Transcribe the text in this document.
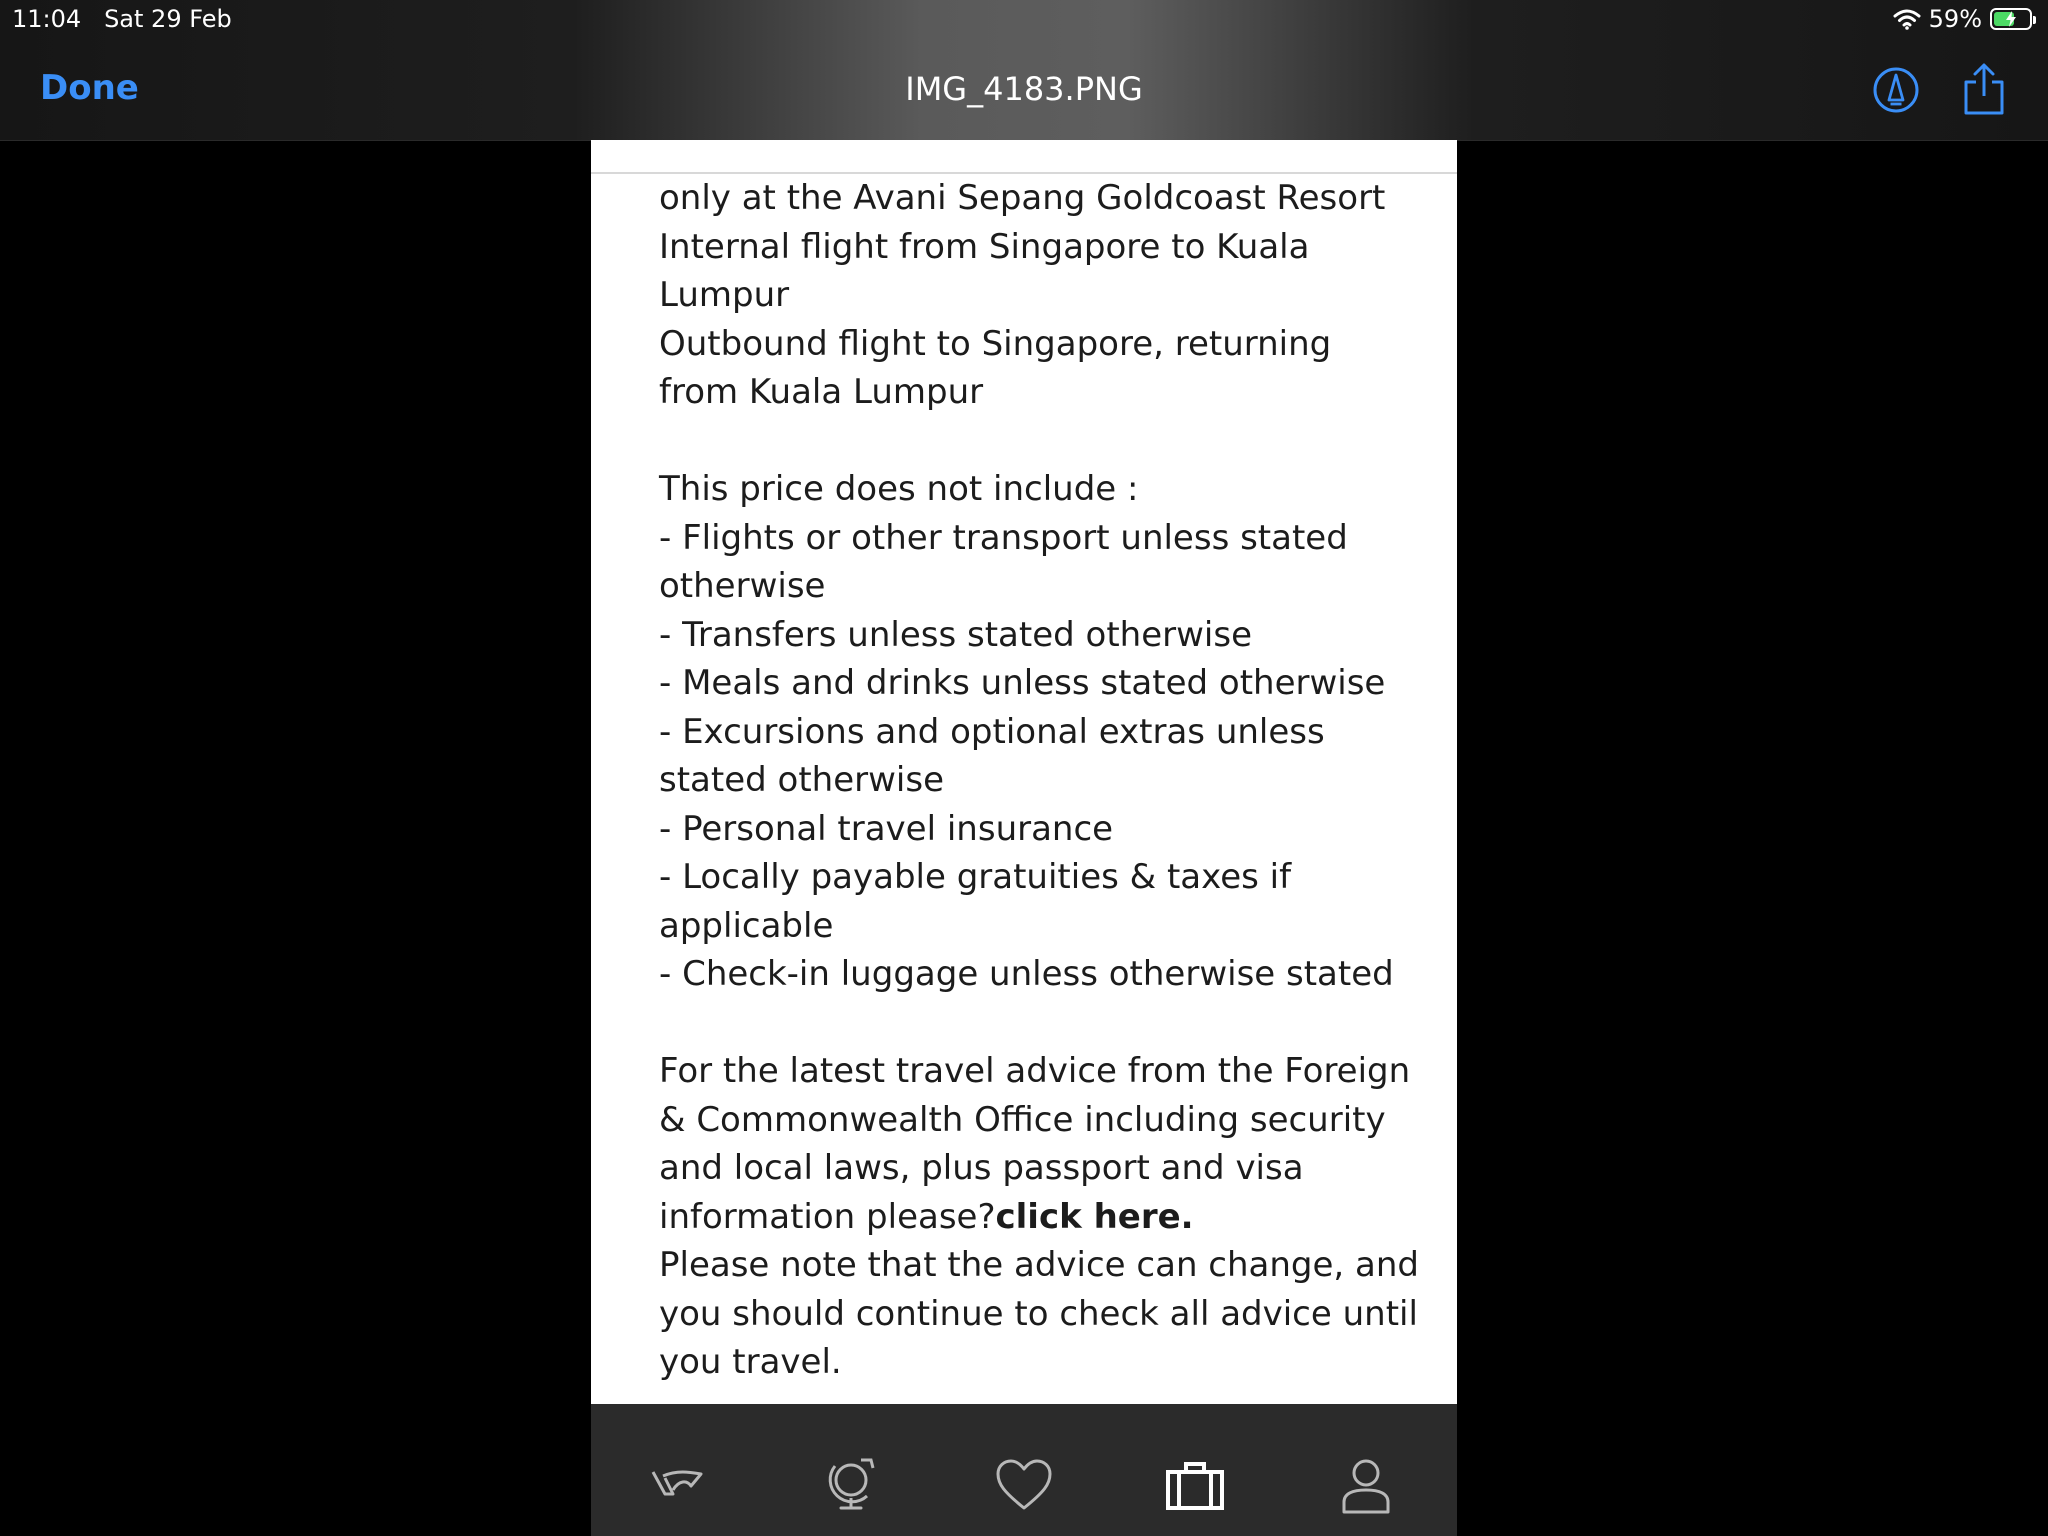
11:04 Sat 29 Feb	59%
Done	IMG_4183.PNG

only at the Avani Sepang Goldcoast Resort

Internal flight from Singapore to Kuala Lumpur

Outbound flight to Singapore, returning from Kuala Lumpur

This price does not include :

- Flights or other transport unless stated otherwise

- Transfers unless stated otherwise

- Meals and drinks unless stated otherwise

- Excursions and optional extras unless stated otherwise

- Personal travel insurance

- Locally payable gratuities & taxes if applicable

- Check-in luggage unless otherwise stated

For the latest travel advice from the Foreign & Commonwealth Office including security and local laws, plus passport and visa information please?click here.

Please note that the advice can change, and you should continue to check all advice until you travel.
